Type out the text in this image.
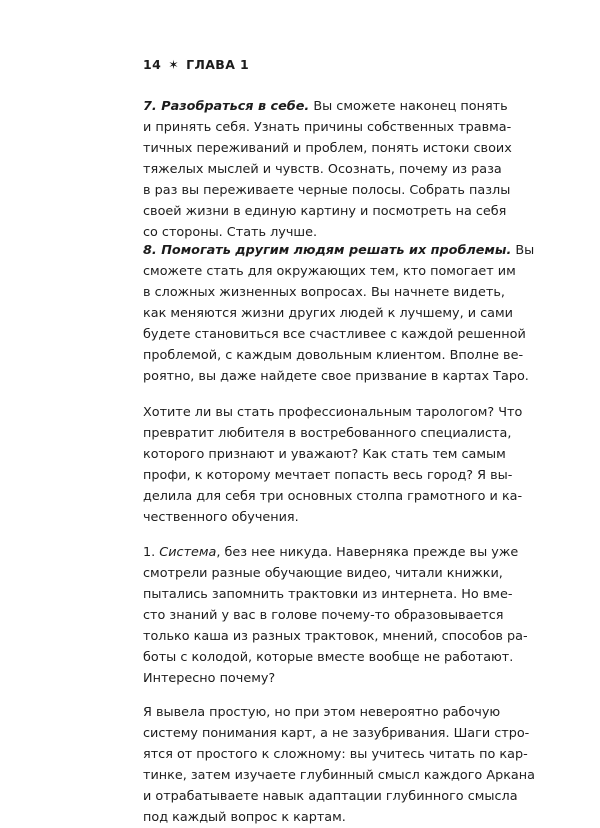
14 ✶ ГЛАВА 1

7. Разобраться в себе. Вы сможете наконец понять
и принять себя. Узнать причины собственных травма-
тичных переживаний и проблем, понять истоки своих
тяжелых мыслей и чувств. Осознать, почему из раза
в раз вы переживаете черные полосы. Собрать пазлы
своей жизни в единую картину и посмотреть на себя
со стороны. Стать лучше.

8. Помогать другим людям решать их проблемы. Вы
сможете стать для окружающих тем, кто помогает им
в сложных жизненных вопросах. Вы начнете видеть,
как меняются жизни других людей к лучшему, и сами
будете становиться все счастливее с каждой решенной
проблемой, с каждым довольным клиентом. Вполне ве-
роятно, вы даже найдете свое призвание в картах Таро.

Хотите ли вы стать профессиональным тарологом? Что
превратит любителя в востребованного специалиста,
которого признают и уважают? Как стать тем самым
профи, к которому мечтает попасть весь город? Я вы-
делила для себя три основных столпа грамотного и ка-
чественного обучения.

1. Система, без нее никуда. Наверняка прежде вы уже
смотрели разные обучающие видео, читали книжки,
пытались запомнить трактовки из интернета. Но вме-
сто знаний у вас в голове почему-то образовывается
только каша из разных трактовок, мнений, способов ра-
боты с колодой, которые вместе вообще не работают.
Интересно почему?

Я вывела простую, но при этом невероятно рабочую
систему понимания карт, а не зазубривания. Шаги стро-
ятся от простого к сложному: вы учитесь читать по кар-
тинке, затем изучаете глубинный смысл каждого Аркана
и отрабатываете навык адаптации глубинного смысла
под каждый вопрос к картам.
